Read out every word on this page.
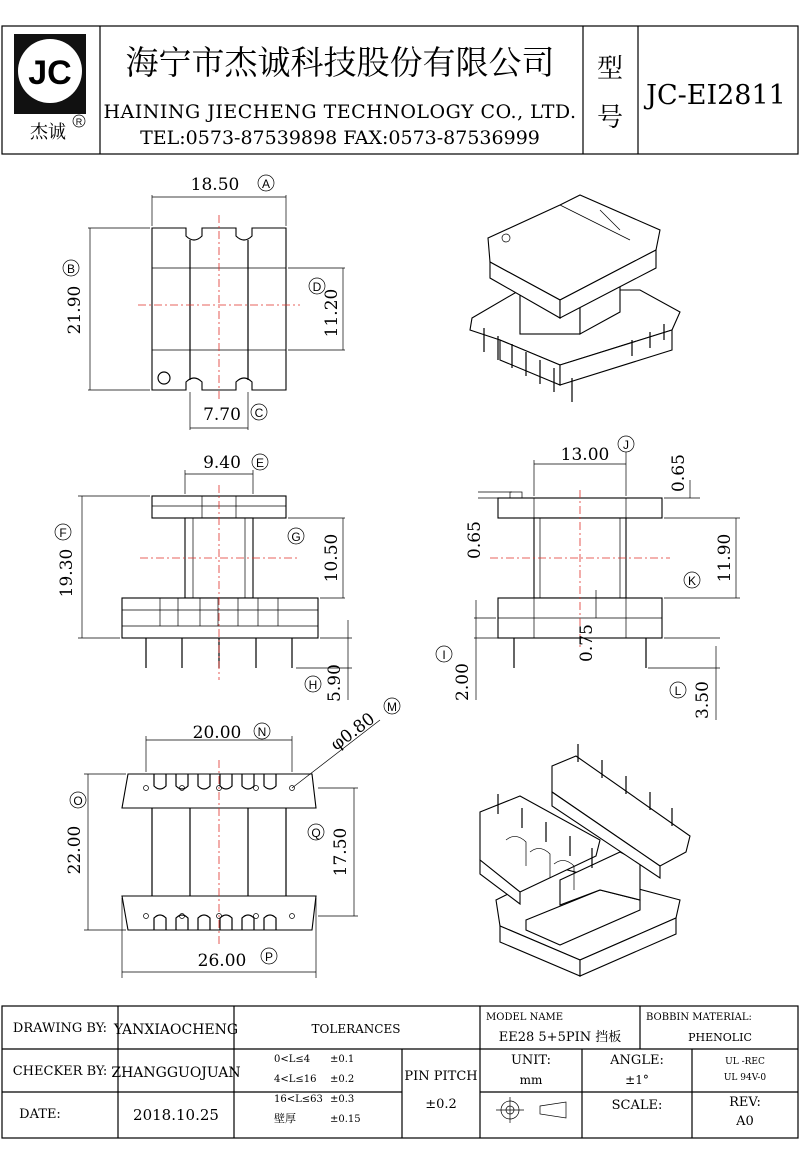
JC
杰诚 R
海宁市杰诚科技股份有限公司
HAINING JIECHENG TECHNOLOGY CO., LTD.
TEL:0573-87539898 FAX:0573-87536999
型
号
JC-EI2811
18.50 A
21.90
B
11.20
D
7.70 C
9.40 E
19.30
F
10.50
G
5.90
H
13.00 J
0.65
11.90
K
0.65
0.75
2.00
I
3.50
L
20.00 N	φ0.80
M
22.00
O
17.50
Q
26.00 P
DRAWING BY: YANXIAOCHENG
CHECKER BY: ZHANGGUOJUAN
DATE:	2018.10.25
TOLERANCES
0<L≤4 ±0.1
4<L≤16 ±0.2
16<L≤63 ±0.3
壁厚	±0.15
PIN PITCH
±0.2
MODEL NAME
EE28 5+5PIN 挡板
BOBBIN MATERIAL:
PHENOLIC
UNIT:
mm
ANGLE:
±1°
UL -REC
UL 94V-0
SCALE:	REV:
A0
